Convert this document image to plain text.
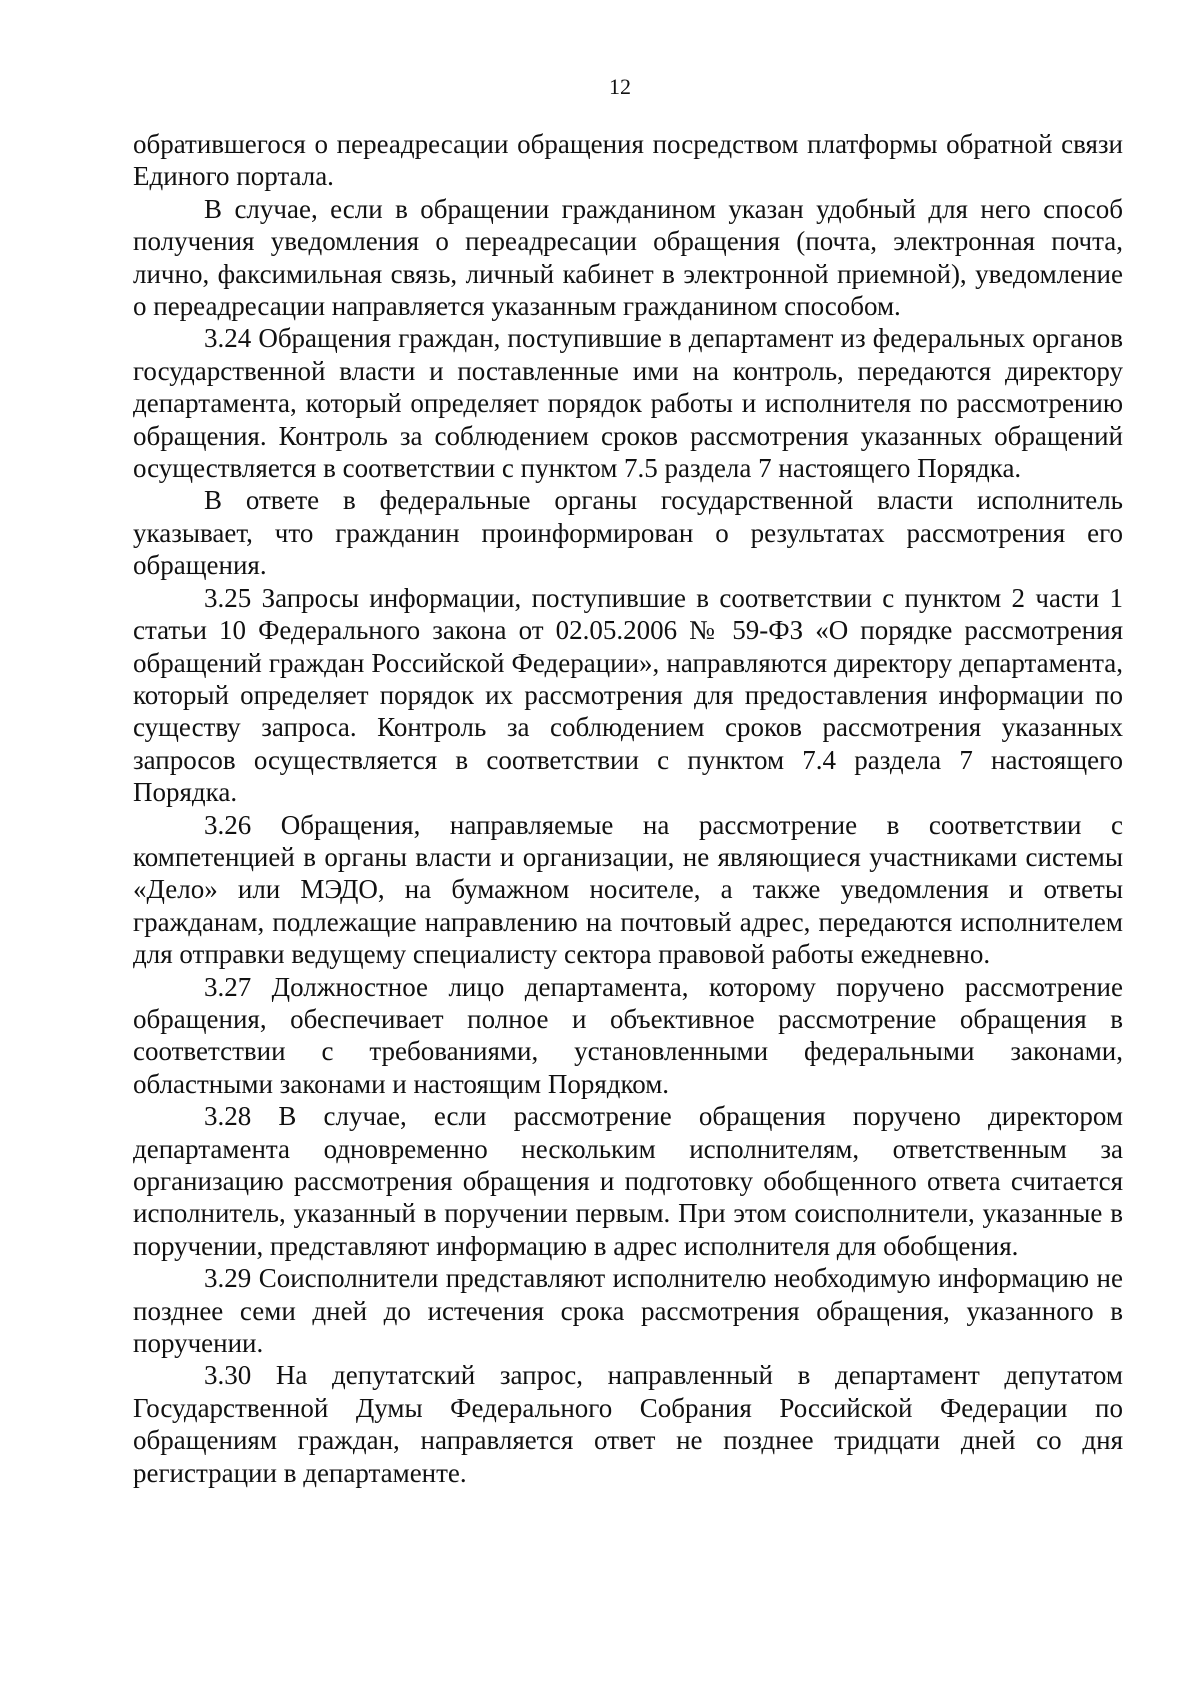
12

обратившегося о переадресации обращения посредством платформы обратной связи Единого портала.

В случае, если в обращении гражданином указан удобный для него способ получения уведомления о переадресации обращения (почта, электронная почта, лично, факсимильная связь, личный кабинет в электронной приемной), уведомление о переадресации направляется указанным гражданином способом.

3.24 Обращения граждан, поступившие в департамент из федеральных органов государственной власти и поставленные ими на контроль, передаются директору департамента, который определяет порядок работы и исполнителя по рассмотрению обращения. Контроль за соблюдением сроков рассмотрения указанных обращений осуществляется в соответствии с пунктом 7.5 раздела 7 настоящего Порядка.

В ответе в федеральные органы государственной власти исполнитель указывает, что гражданин проинформирован о результатах рассмотрения его обращения.

3.25 Запросы информации, поступившие в соответствии с пунктом 2 части 1 статьи 10 Федерального закона от 02.05.2006 № 59-ФЗ «О порядке рассмотрения обращений граждан Российской Федерации», направляются директору департамента, который определяет порядок их рассмотрения для предоставления информации по существу запроса. Контроль за соблюдением сроков рассмотрения указанных запросов осуществляется в соответствии с пунктом 7.4 раздела 7 настоящего Порядка.

3.26 Обращения, направляемые на рассмотрение в соответствии с компетенцией в органы власти и организации, не являющиеся участниками системы «Дело» или МЭДО, на бумажном носителе, а также уведомления и ответы гражданам, подлежащие направлению на почтовый адрес, передаются исполнителем для отправки ведущему специалисту сектора правовой работы ежедневно.

3.27 Должностное лицо департамента, которому поручено рассмотрение обращения, обеспечивает полное и объективное рассмотрение обращения в соответствии с требованиями, установленными федеральными законами, областными законами и настоящим Порядком.

3.28 В случае, если рассмотрение обращения поручено директором департамента одновременно нескольким исполнителям, ответственным за организацию рассмотрения обращения и подготовку обобщенного ответа считается исполнитель, указанный в поручении первым. При этом соисполнители, указанные в поручении, представляют информацию в адрес исполнителя для обобщения.

3.29 Соисполнители представляют исполнителю необходимую информацию не позднее семи дней до истечения срока рассмотрения обращения, указанного в поручении.

3.30 На депутатский запрос, направленный в департамент депутатом Государственной Думы Федерального Собрания Российской Федерации по обращениям граждан, направляется ответ не позднее тридцати дней со дня регистрации в департаменте.
